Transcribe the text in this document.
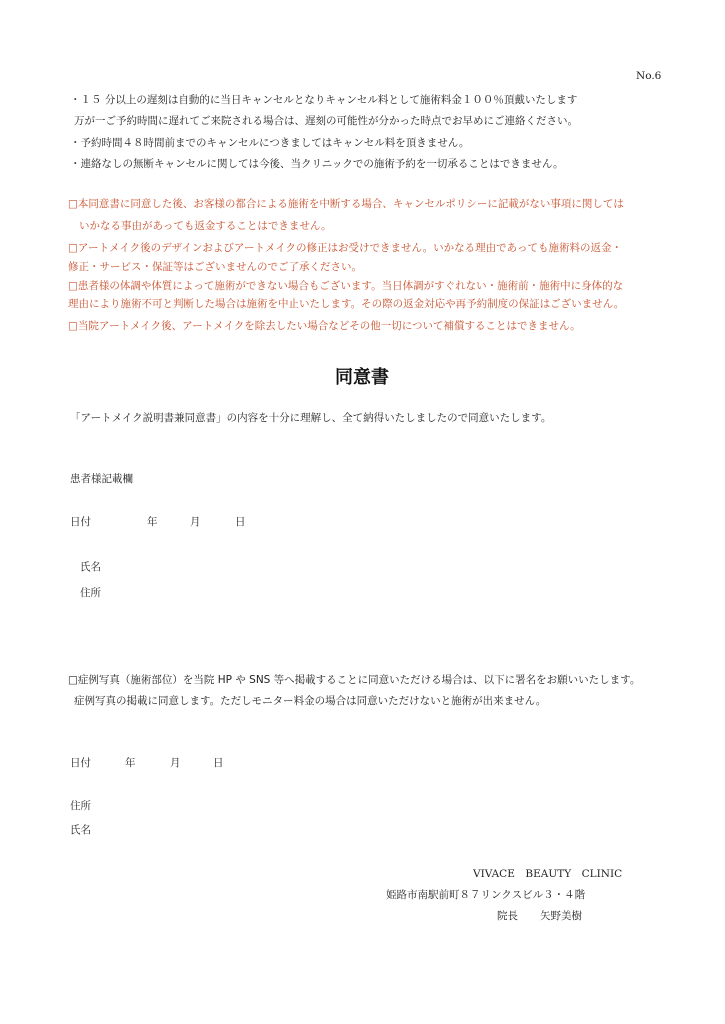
No.6
・１５ 分以上の遅刻は自動的に当日キャンセルとなりキャンセル料として施術料金１００％頂戴いたします
万が一ご予約時間に遅れてご来院される場合は、遅刻の可能性が分かった時点でお早めにご連絡ください。
・予約時間４８時間前までのキャンセルにつきましてはキャンセル料を頂きません。
・連絡なしの無断キャンセルに関しては今後、当クリニックでの施術予約を一切承ることはできません。
□本同意書に同意した後、お客様の都合による施術を中断する場合、キャンセルポリシーに記載がない事項に関しては
いかなる事由があっても返金することはできません。
□アートメイク後のデザインおよびアートメイクの修正はお受けできません。いかなる理由であっても施術料の返金・
修正・サービス・保証等はございませんのでご了承ください。
□患者様の体調や体質によって施術ができない場合もございます。当日体調がすぐれない・施術前・施術中に身体的な
理由により施術不可と判断した場合は施術を中止いたします。その際の返金対応や再予約制度の保証はございません。
□当院アートメイク後、アートメイクを除去したい場合などその他一切について補償することはできません。
同意書
「アートメイク説明書兼同意書」の内容を十分に理解し、全て納得いたしましたので同意いたします。
患者様記載欄
日付	年	月	日
氏名
住所
□症例写真（施術部位）を当院 HP や SNS 等へ掲載することに同意いただける場合は、以下に署名をお願いいたします。
症例写真の掲載に同意します。ただしモニター料金の場合は同意いただけないと施術が出来ません。
日付	年	月	日
住所
氏名
VIVACE　BEAUTY　CLINIC
姫路市南駅前町８７リンクスビル３・４階
院長 矢野美樹
